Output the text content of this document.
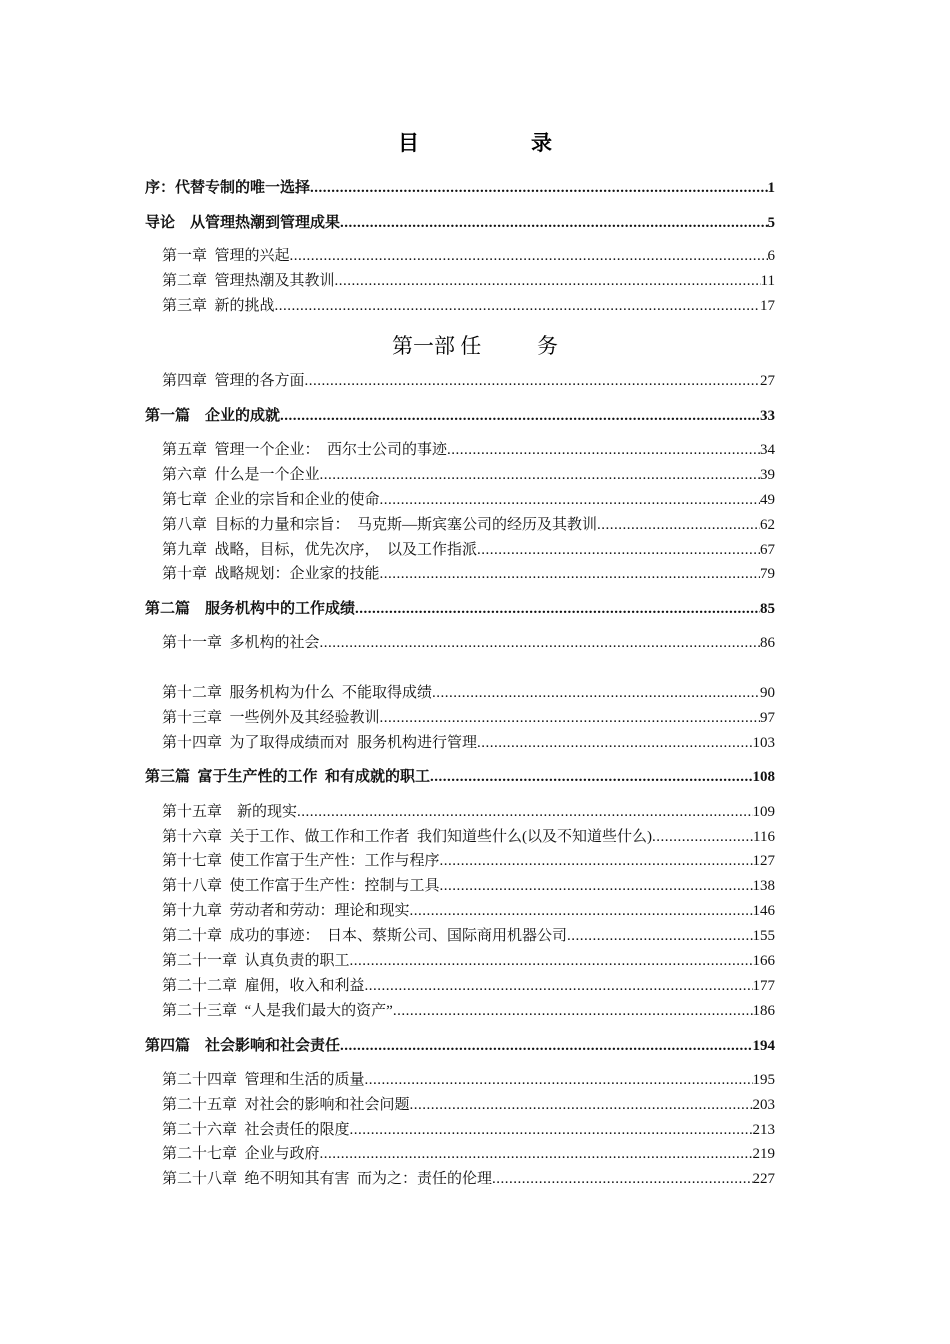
目	录
序：代替专制的唯一选择 .....	1
导论　从管理热潮到管理成果 .....	5
第一章  管理的兴起 .....	6
第二章  管理热潮及其教训 .....	11
第三章  新的挑战 .....	17
第一部 任	务
第四章  管理的各方面 .....	27
第一篇　企业的成就 .....	33
第五章  管理一个企业：  西尔士公司的事迹 .....	34
第六章  什么是一个企业 .....	39
第七章  企业的宗旨和企业的使命 .....	49
第八章  目标的力量和宗旨：  马克斯—斯宾塞公司的经历及其教训 .....	62
第九章  战略，目标，优先次序，  以及工作指派 .....	67
第十章  战略规划：企业家的技能 .....	79
第二篇　服务机构中的工作成绩 .....	85
第十一章  多机构的社会 .....	86
第十二章  服务机构为什么  不能取得成绩 .....	90
第十三章  一些例外及其经验教训 .....	97
第十四章  为了取得成绩而对  服务机构进行管理 .....	103
第三篇  富于生产性的工作  和有成就的职工 .....	108
第十五章    新的现实 .....	109
第十六章  关于工作、做工作和工作者  我们知道些什么(以及不知道些什么) .....	116
第十七章  使工作富于生产性：工作与程序 .....	127
第十八章  使工作富于生产性：控制与工具 .....	138
第十九章  劳动者和劳动：理论和现实 .....	146
第二十章  成功的事迹：  日本、蔡斯公司、国际商用机器公司 .....	155
第二十一章  认真负责的职工 .....	166
第二十二章  雇佣，收入和利益 .....	177
第二十三章  “人是我们最大的资产” .....	186
第四篇　社会影响和社会责任 .....	194
第二十四章  管理和生活的质量 .....	195
第二十五章  对社会的影响和社会问题 .....	203
第二十六章  社会责任的限度 .....	213
第二十七章  企业与政府 .....	219
第二十八章  绝不明知其有害  而为之：责任的伦理 .....	227
